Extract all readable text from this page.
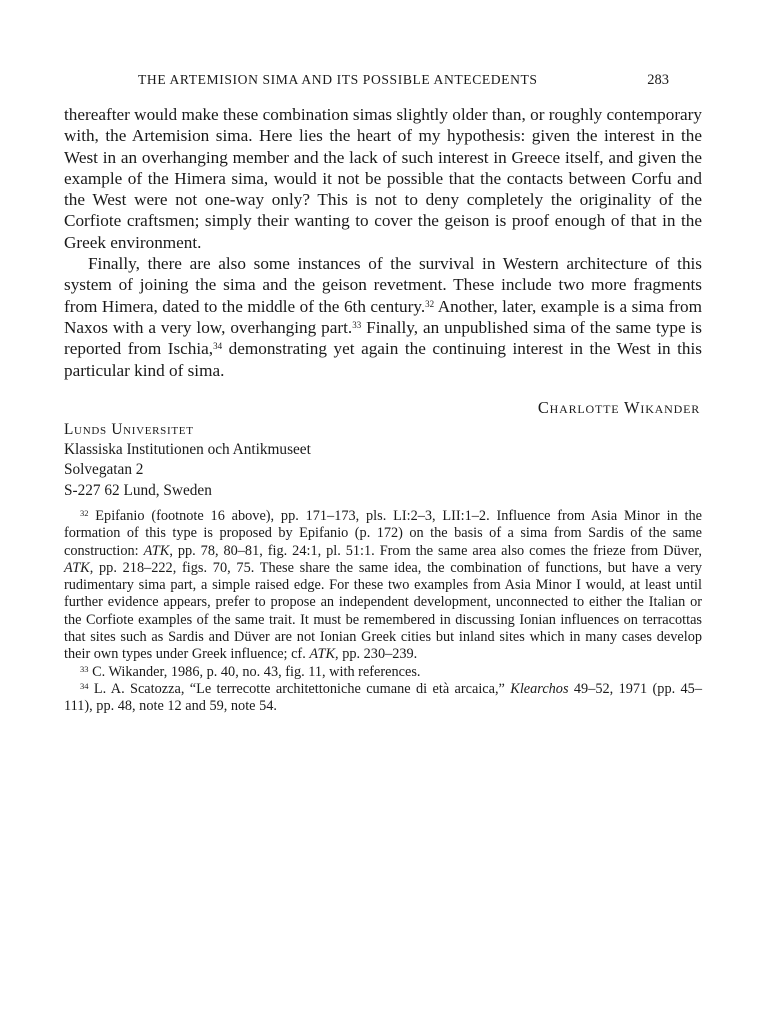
THE ARTEMISION SIMA AND ITS POSSIBLE ANTECEDENTS	283

thereafter would make these combination simas slightly older than, or roughly contemporary with, the Artemision sima. Here lies the heart of my hypothesis: given the interest in the West in an overhanging member and the lack of such interest in Greece itself, and given the example of the Himera sima, would it not be possible that the contacts between Corfu and the West were not one-way only? This is not to deny completely the originality of the Corfiote craftsmen; simply their wanting to cover the geison is proof enough of that in the Greek environment.

Finally, there are also some instances of the survival in Western architecture of this system of joining the sima and the geison revetment. These include two more fragments from Himera, dated to the middle of the 6th century.$^{32}$ Another, later, example is a sima from Naxos with a very low, overhanging part.$^{33}$ Finally, an unpublished sima of the same type is reported from Ischia,$^{34}$ demonstrating yet again the continuing interest in the West in this particular kind of sima.

Charlotte Wikander
Lunds Universitet
Klassiska Institutionen och Antikmuseet
Solvegatan 2
S-227 62 Lund, Sweden

$^{32}$ Epifanio (footnote 16 above), pp. 171–173, pls. LI:2–3, LII:1–2. Influence from Asia Minor in the formation of this type is proposed by Epifanio (p. 172) on the basis of a sima from Sardis of the same construction: ATK, pp. 78, 80–81, fig. 24:1, pl. 51:1. From the same area also comes the frieze from Düver, ATK, pp. 218–222, figs. 70, 75. These share the same idea, the combination of functions, but have a very rudimentary sima part, a simple raised edge. For these two examples from Asia Minor I would, at least until further evidence appears, prefer to propose an independent development, unconnected to either the Italian or the Corfiote examples of the same trait. It must be remembered in discussing Ionian influences on terracottas that sites such as Sardis and Düver are not Ionian Greek cities but inland sites which in many cases develop their own types under Greek influence; cf. ATK, pp. 230–239.

$^{33}$ C. Wikander, 1986, p. 40, no. 43, fig. 11, with references.

$^{34}$ L. A. Scatozza, “Le terrecotte architettoniche cumane di età arcaica,” Klearchos 49–52, 1971 (pp. 45–111), pp. 48, note 12 and 59, note 54.
